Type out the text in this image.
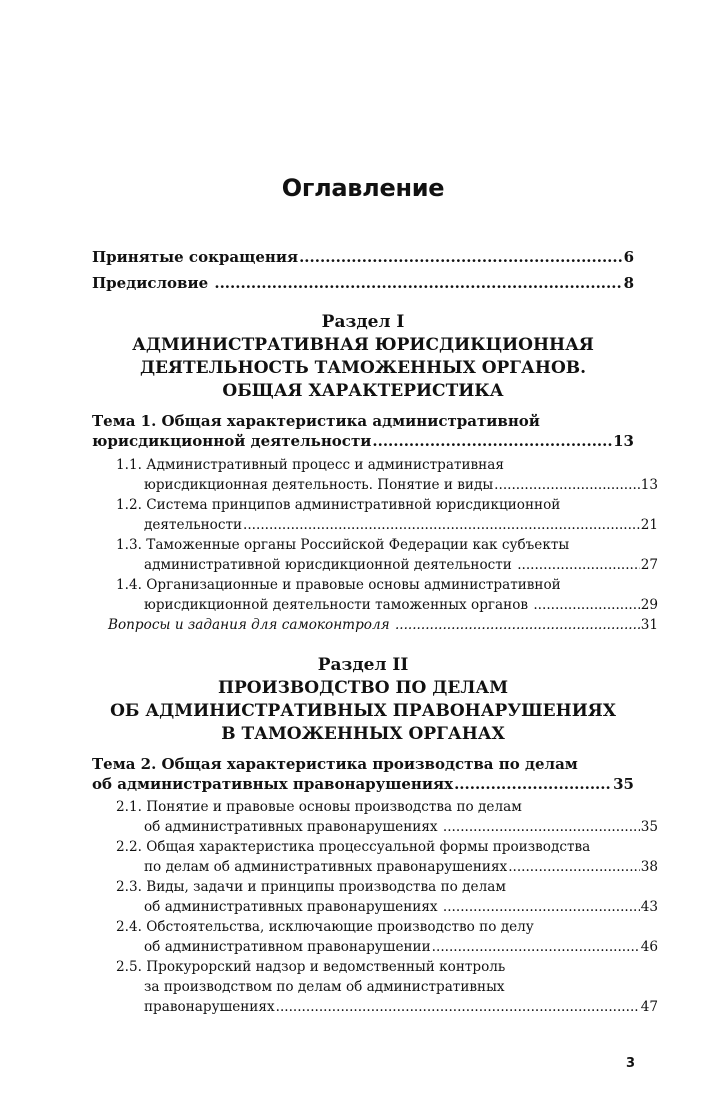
Оглавление
Принятые сокращения .....	6
Предисловие .....	8
Раздел I
АДМИНИСТРАТИВНАЯ ЮРИСДИКЦИОННАЯ
ДЕЯТЕЛЬНОСТЬ ТАМОЖЕННЫХ ОРГАНОВ.
ОБЩАЯ ХАРАКТЕРИСТИКА
Тема 1. Общая характеристика административной
юрисдикционной деятельности .....	13
1.1. Административный процесс и административная
юрисдикционная деятельность. Понятие и виды .....	13
1.2. Система принципов административной юрисдикционной
деятельности .....	21
1.3. Таможенные органы Российской Федерации как субъекты
административной юрисдикционной деятельности .....	27
1.4. Организационные и правовые основы административной
юрисдикционной деятельности таможенных органов .....	29
Вопросы и задания для самоконтроля .....	31
Раздел II
ПРОИЗВОДСТВО ПО ДЕЛАМ
ОБ АДМИНИСТРАТИВНЫХ ПРАВОНАРУШЕНИЯХ
В ТАМОЖЕННЫХ ОРГАНАХ
Тема 2. Общая характеристика производства по делам
об административных правонарушениях .....	35
2.1. Понятие и правовые основы производства по делам
об административных правонарушениях .....	35
2.2. Общая характеристика процессуальной формы производства
по делам об административных правонарушениях .....	38
2.3. Виды, задачи и принципы производства по делам
об административных правонарушениях .....	43
2.4. Обстоятельства, исключающие производство по делу
об административном правонарушении .....	46
2.5. Прокурорский надзор и ведомственный контроль
за производством по делам об административных
правонарушениях .....	47
3
